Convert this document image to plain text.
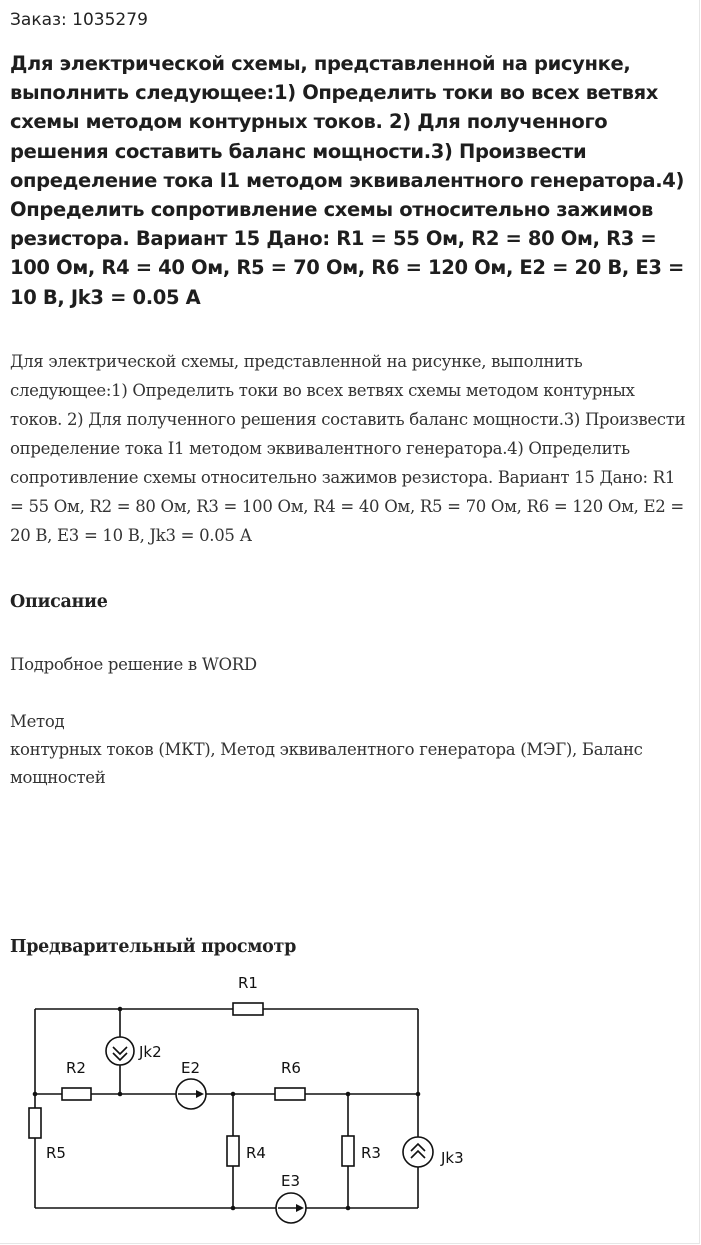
Заказ: 1035279
Для электрической схемы, представленной на рисунке, выполнить следующее:1) Определить токи во всех ветвях схемы методом контурных токов. 2) Для полученного решения составить баланс мощности.3) Произвести определение тока I1 методом эквивалентного генератора.4) Определить сопротивление схемы относительно зажимов резистора. Вариант 15 Дано: R1 = 55 Ом, R2 = 80 Ом, R3 = 100 Ом, R4 = 40 Ом, R5 = 70 Ом, R6 = 120 Ом, E2 = 20 В, E3 = 10 В, Jk3 = 0.05 А
Для электрической схемы, представленной на рисунке, выполнить следующее:1) Определить токи во всех ветвях схемы методом контурных токов. 2) Для полученного решения составить баланс мощности.3) Произвести определение тока I1 методом эквивалентного генератора.4) Определить сопротивление схемы относительно зажимов резистора. Вариант 15 Дано: R1 = 55 Ом, R2 = 80 Ом, R3 = 100 Ом, R4 = 40 Ом, R5 = 70 Ом, R6 = 120 Ом, E2 = 20 В, E3 = 10 В, Jk3 = 0.05 А
Описание
Подробное решение в WORD
Метод
контурных токов (МКТ), Метод эквивалентного генератора (МЭГ), Баланс мощностей
Предварительный просмотр
R1
Jk2
R2	E2	R6
R5	R4	R3	Jk3
E3
